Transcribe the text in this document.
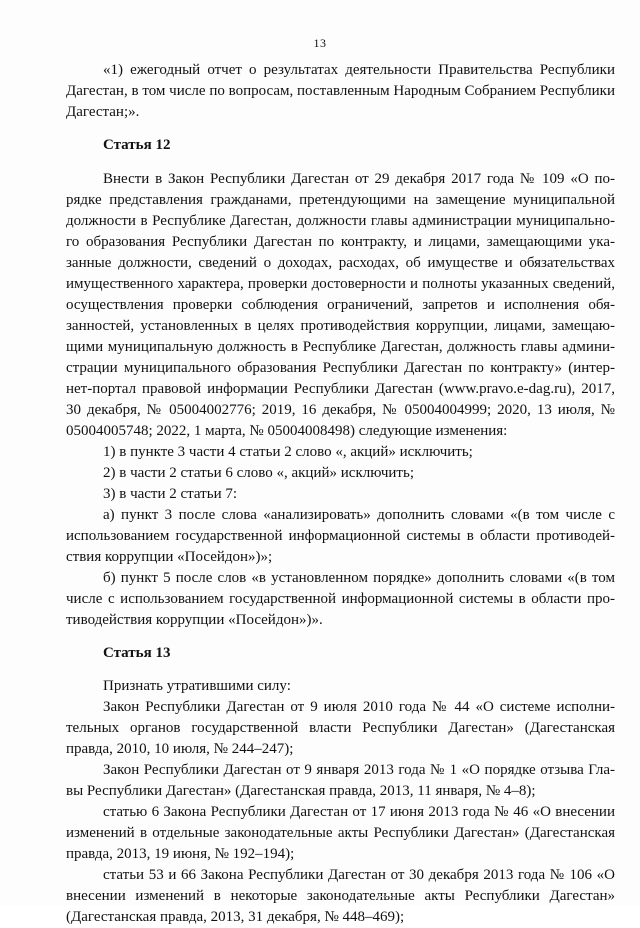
13

«1) ежегодный отчет о результатах деятельности Правительства Республики Дагестан, в том числе по вопросам, поставленным Народным Собранием Республики Дагестан;».

Статья 12

Внести в Закон Республики Дагестан от 29 декабря 2017 года № 109 «О порядке представления гражданами, претендующими на замещение муниципальной должности в Республике Дагестан, должности главы администрации муниципального образования Республики Дагестан по контракту, и лицами, замещающими указанные должности, сведений о доходах, расходах, об имуществе и обязательствах имущественного характера, проверки достоверности и полноты указанных сведений, осуществления проверки соблюдения ограничений, запретов и исполнения обязанностей, установленных в целях противодействия коррупции, лицами, замещающими муниципальную должность в Республике Дагестан, должность главы администрации муниципального образования Республики Дагестан по контракту» (интернет-портал правовой информации Республики Дагестан (www.pravo.e-dag.ru), 2017, 30 декабря, № 05004002776; 2019, 16 декабря, № 05004004999; 2020, 13 июля, № 05004005748; 2022, 1 марта, № 05004008498) следующие изменения:

1) в пункте 3 части 4 статьи 2 слово «, акций» исключить;

2) в части 2 статьи 6 слово «, акций» исключить;

3) в части 2 статьи 7:

а) пункт 3 после слова «анализировать» дополнить словами «(в том числе с использованием государственной информационной системы в области противодействия коррупции «Посейдон»)»;

б) пункт 5 после слов «в установленном порядке» дополнить словами «(в том числе с использованием государственной информационной системы в области противодействия коррупции «Посейдон»)».

Статья 13

Признать утратившими силу:

Закон Республики Дагестан от 9 июля 2010 года № 44 «О системе исполнительных органов государственной власти Республики Дагестан» (Дагестанская правда, 2010, 10 июля, № 244–247);

Закон Республики Дагестан от 9 января 2013 года № 1 «О порядке отзыва Главы Республики Дагестан» (Дагестанская правда, 2013, 11 января, № 4–8);

статью 6 Закона Республики Дагестан от 17 июня 2013 года № 46 «О внесении изменений в отдельные законодательные акты Республики Дагестан» (Дагестанская правда, 2013, 19 июня, № 192–194);

статьи 53 и 66 Закона Республики Дагестан от 30 декабря 2013 года № 106 «О внесении изменений в некоторые законодательные акты Республики Дагестан» (Дагестанская правда, 2013, 31 декабря, № 448–469);
